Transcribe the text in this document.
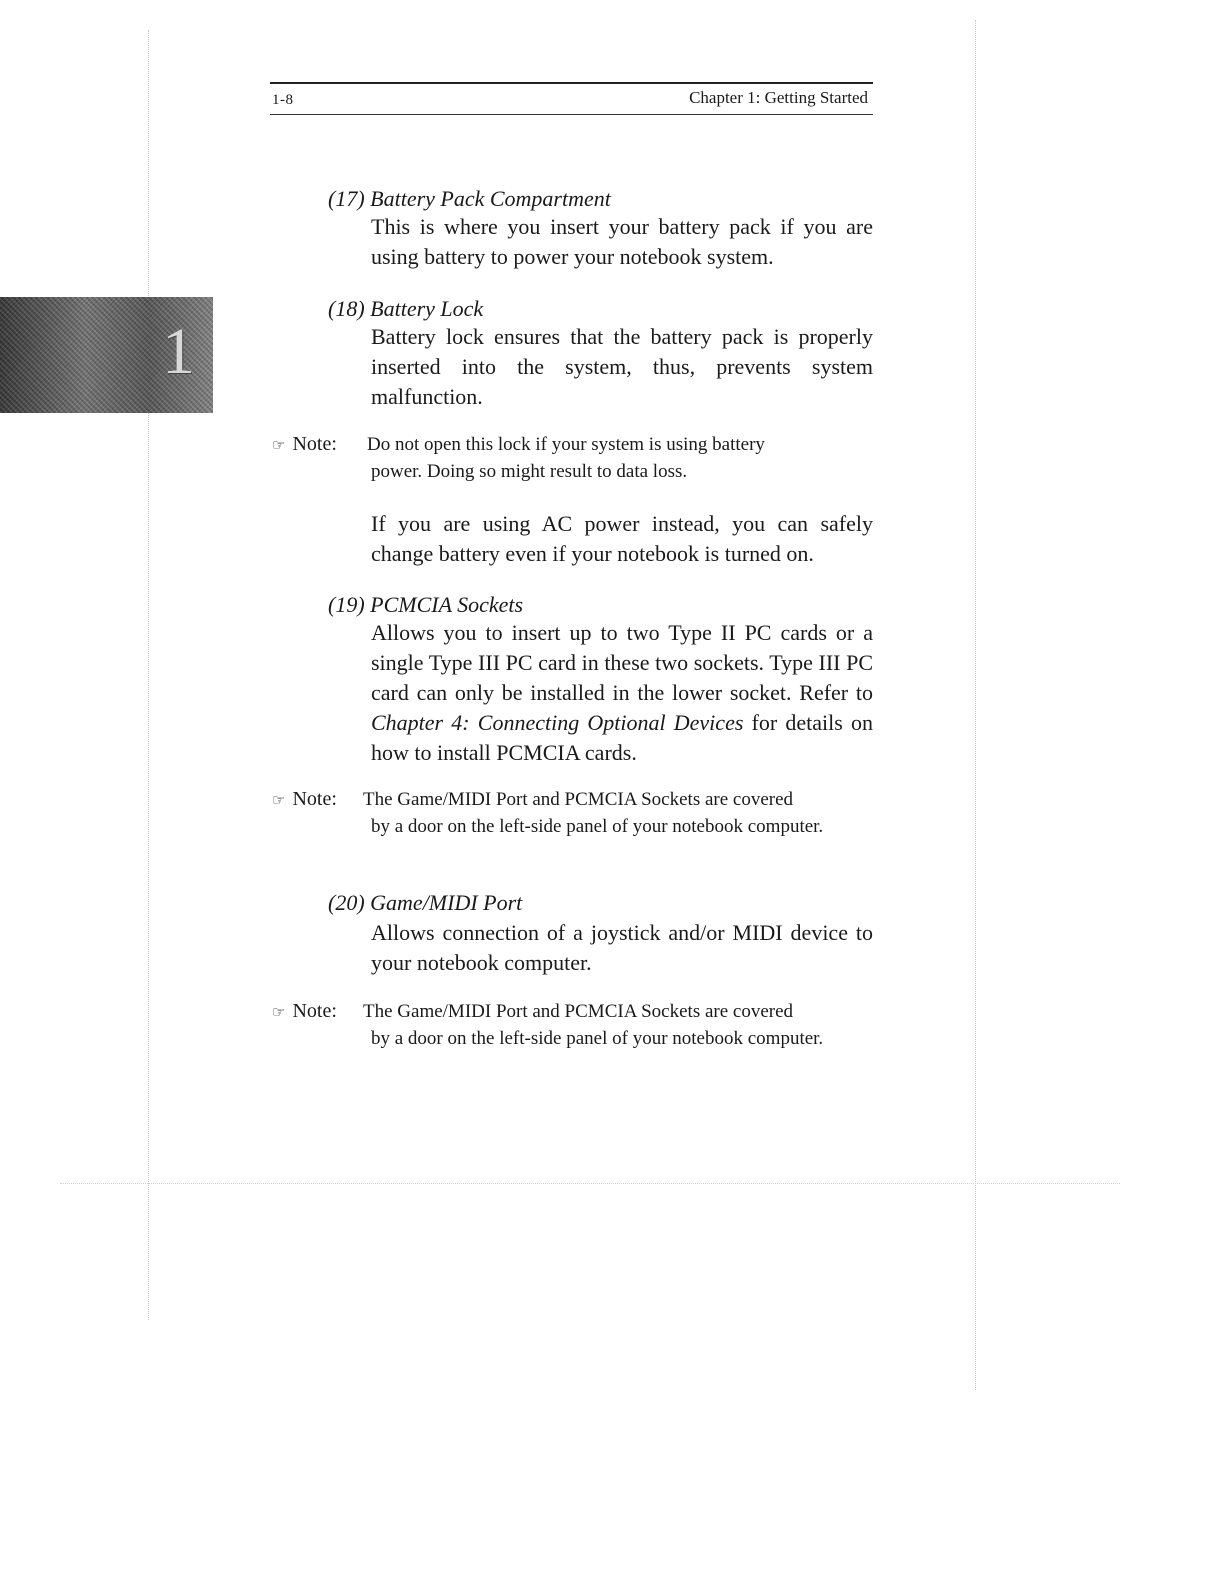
1-8	Chapter 1: Getting Started
1
(17) Battery Pack Compartment

This is where you insert your battery pack if you are using battery to power your notebook system.

(18) Battery Lock

Battery lock ensures that the battery pack is properly inserted into the system, thus, prevents system malfunction.

☞ Note: Do not open this lock if your system is using battery

power. Doing so might result to data loss.

If you are using AC power instead, you can safely change battery even if your notebook is turned on.

(19) PCMCIA Sockets

Allows you to insert up to two Type II PC cards or a single Type III PC card in these two sockets. Type III PC card can only be installed in the lower socket. Refer to Chapter 4: Connecting Optional Devices for details on how to install PCMCIA cards.

☞ Note: The Game/MIDI Port and PCMCIA Sockets are covered

by a door on the left-side panel of your notebook computer.

(20) Game/MIDI Port

Allows connection of a joystick and/or MIDI device to your notebook computer.

☞ Note: The Game/MIDI Port and PCMCIA Sockets are covered

by a door on the left-side panel of your notebook computer.
